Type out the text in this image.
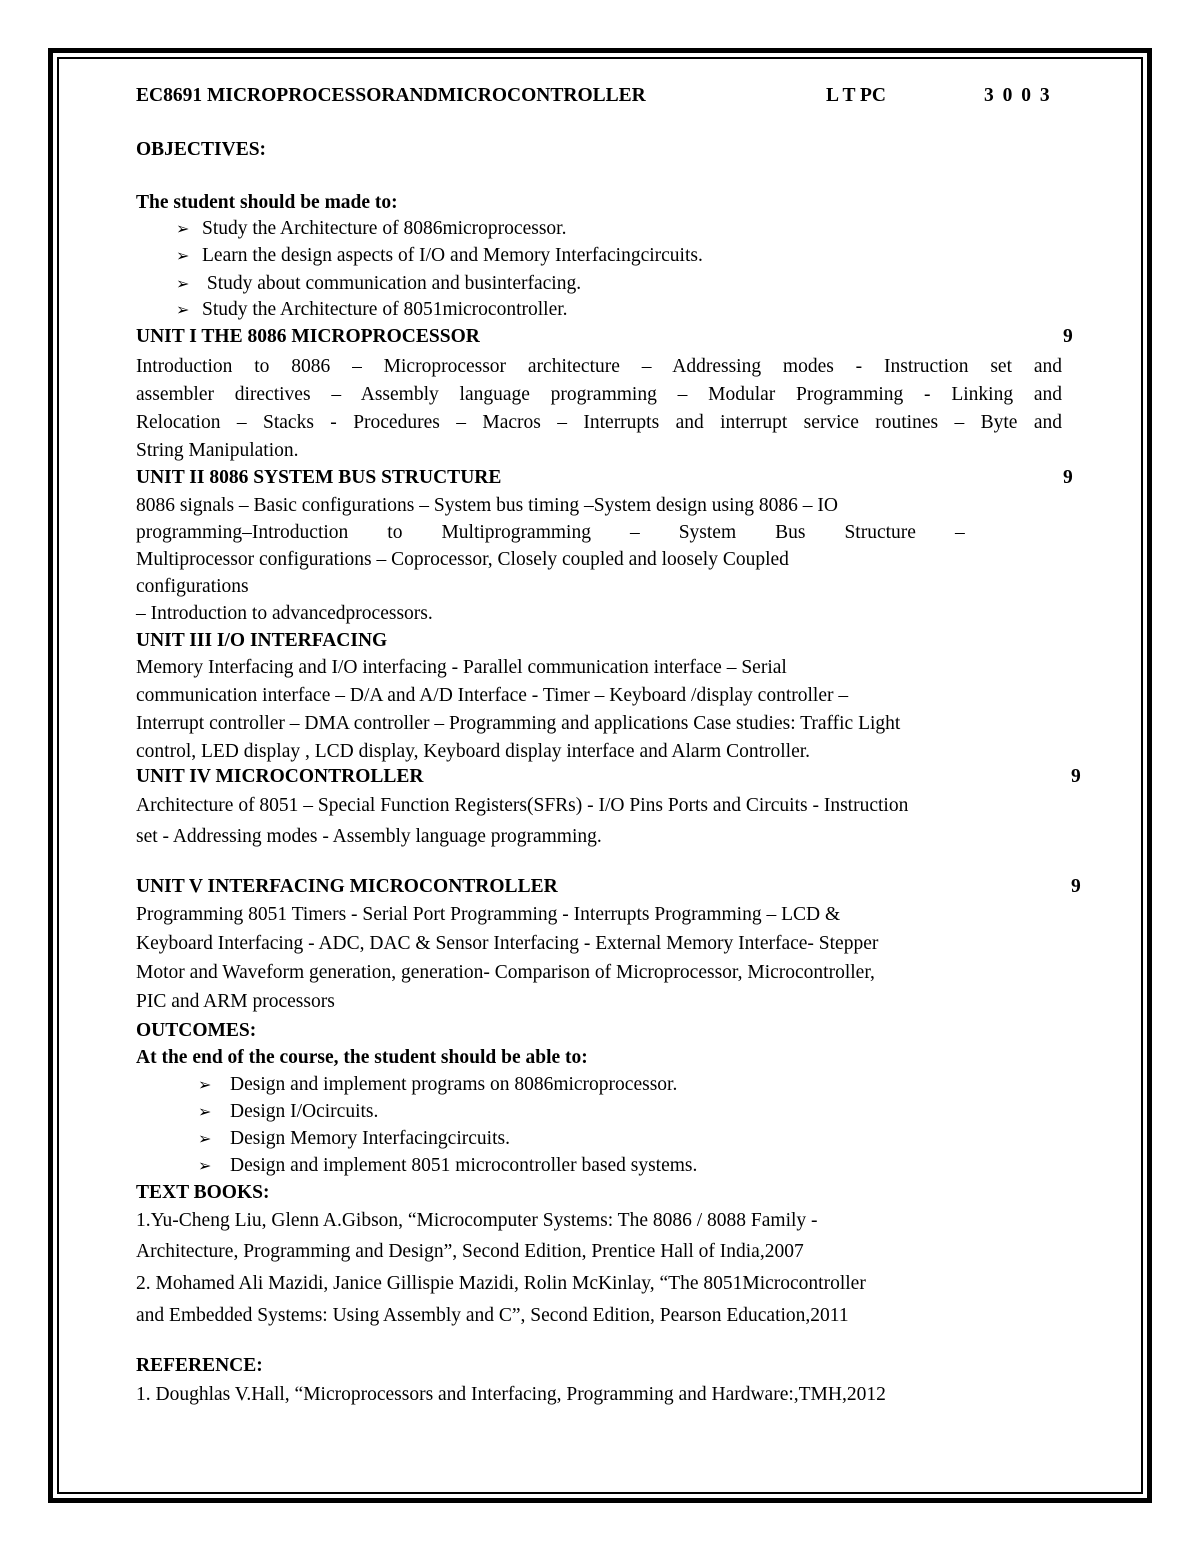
EC8691 MICROPROCESSORANDMICROCONTROLLER	L T PC	3 0 0 3
OBJECTIVES:
The student should be made to:
➢ Study the Architecture of 8086microprocessor.
➢ Learn the design aspects of I/O and Memory Interfacingcircuits.
➢ Study about communication and businterfacing.
➢ Study the Architecture of 8051microcontroller.
UNIT I THE 8086 MICROPROCESSOR	9
Introduction to 8086 – Microprocessor architecture – Addressing modes - Instruction set and
assembler directives – Assembly language programming – Modular Programming - Linking and
Relocation – Stacks - Procedures – Macros – Interrupts and interrupt service routines – Byte and
String Manipulation.
UNIT II 8086 SYSTEM BUS STRUCTURE	9
8086 signals – Basic configurations – System bus timing –System design using 8086 – IO
programming–Introduction        to        Multiprogramming        –        System        Bus        Structure        –
Multiprocessor configurations – Coprocessor, Closely coupled and loosely Coupled
configurations
– Introduction to advancedprocessors.
UNIT III I/O INTERFACING
Memory Interfacing and I/O interfacing - Parallel communication interface – Serial
communication interface – D/A and A/D Interface - Timer – Keyboard /display controller –
Interrupt controller – DMA controller – Programming and applications Case studies: Traffic Light
control, LED display , LCD display, Keyboard display interface and Alarm Controller.
UNIT IV MICROCONTROLLER	9
Architecture of 8051 – Special Function Registers(SFRs) - I/O Pins Ports and Circuits - Instruction
set - Addressing modes - Assembly language programming.
UNIT V INTERFACING MICROCONTROLLER	9
Programming 8051 Timers - Serial Port Programming - Interrupts Programming – LCD &
Keyboard Interfacing - ADC, DAC & Sensor Interfacing - External Memory Interface- Stepper
Motor and Waveform generation, generation- Comparison of Microprocessor, Microcontroller,
PIC and ARM processors
OUTCOMES:
At the end of the course, the student should be able to:
➢ Design and implement programs on 8086microprocessor.
➢ Design I/Ocircuits.
➢ Design Memory Interfacingcircuits.
➢ Design and implement 8051 microcontroller based systems.
TEXT BOOKS:
1.Yu-Cheng Liu, Glenn A.Gibson, “Microcomputer Systems: The 8086 / 8088 Family -
Architecture, Programming and Design”, Second Edition, Prentice Hall of India,2007
2. Mohamed Ali Mazidi, Janice Gillispie Mazidi, Rolin McKinlay, “The 8051Microcontroller
and Embedded Systems: Using Assembly and C”, Second Edition, Pearson Education,2011
REFERENCE:
1. Doughlas V.Hall, “Microprocessors and Interfacing, Programming and Hardware:,TMH,2012
